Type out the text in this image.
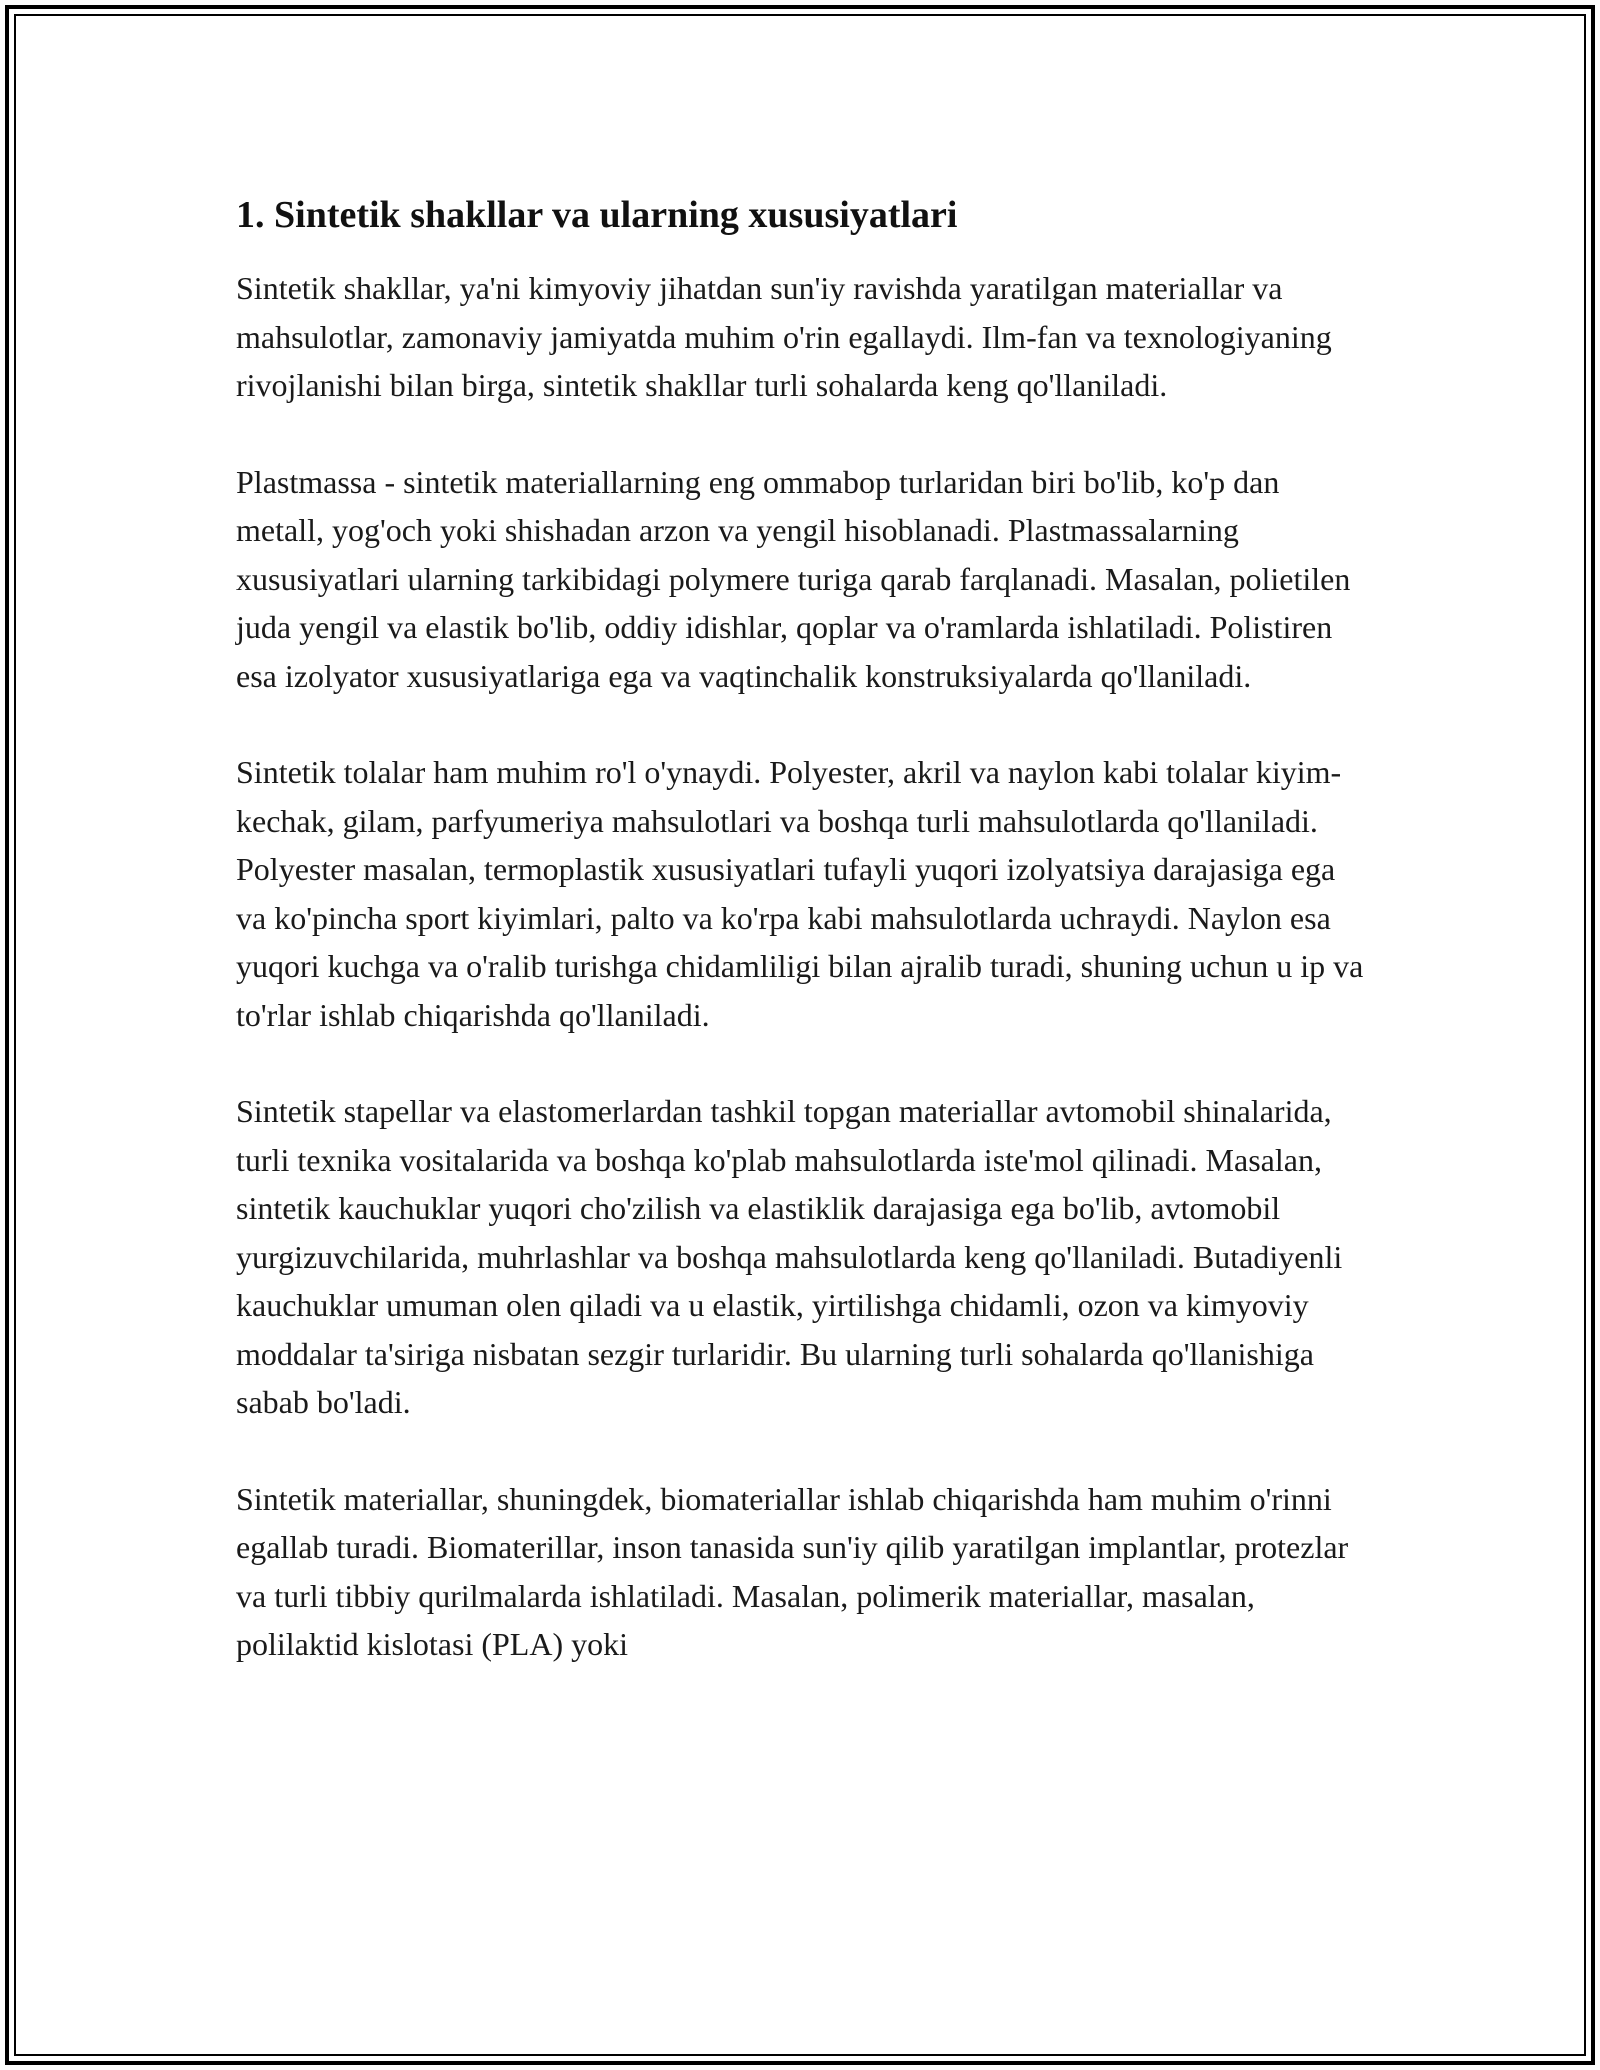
1. Sintetik shakllar va ularning xususiyatlari

Sintetik shakllar, ya'ni kimyoviy jihatdan sun'iy ravishda yaratilgan materiallar va mahsulotlar, zamonaviy jamiyatda muhim o'rin egallaydi. Ilm-fan va texnologiyaning rivojlanishi bilan birga, sintetik shakllar turli sohalarda keng qo'llaniladi.

Plastmassa - sintetik materiallarning eng ommabop turlaridan biri bo'lib, ko'p dan metall, yog'och yoki shishadan arzon va yengil hisoblanadi. Plastmassalarning xususiyatlari ularning tarkibidagi polymere turiga qarab farqlanadi. Masalan, polietilen juda yengil va elastik bo'lib, oddiy idishlar, qoplar va o'ramlarda ishlatiladi. Polistiren esa izolyator xususiyatlariga ega va vaqtinchalik konstruksiyalarda qo'llaniladi.

Sintetik tolalar ham muhim ro'l o'ynaydi. Polyester, akril va naylon kabi tolalar kiyim-kechak, gilam, parfyumeriya mahsulotlari va boshqa turli mahsulotlarda qo'llaniladi. Polyester masalan, termoplastik xususiyatlari tufayli yuqori izolyatsiya darajasiga ega va ko'pincha sport kiyimlari, palto va ko'rpa kabi mahsulotlarda uchraydi. Naylon esa yuqori kuchga va o'ralib turishga chidamliligi bilan ajralib turadi, shuning uchun u ip va to'rlar ishlab chiqarishda qo'llaniladi.

Sintetik stapellar va elastomerlardan tashkil topgan materiallar avtomobil shinalarida, turli texnika vositalarida va boshqa ko'plab mahsulotlarda iste'mol qilinadi. Masalan, sintetik kauchuklar yuqori cho'zilish va elastiklik darajasiga ega bo'lib, avtomobil yurgizuvchilarida, muhrlashlar va boshqa mahsulotlarda keng qo'llaniladi. Butadiyenli kauchuklar umuman olen qiladi va u elastik, yirtilishga chidamli, ozon va kimyoviy moddalar ta'siriga nisbatan sezgir turlaridir. Bu ularning turli sohalarda qo'llanishiga sabab bo'ladi.

Sintetik materiallar, shuningdek, biomateriallar ishlab chiqarishda ham muhim o'rinni egallab turadi. Biomaterillar, inson tanasida sun'iy qilib yaratilgan implantlar, protezlar va turli tibbiy qurilmalarda ishlatiladi. Masalan, polimerik materiallar, masalan, polilaktid kislotasi (PLA) yoki
